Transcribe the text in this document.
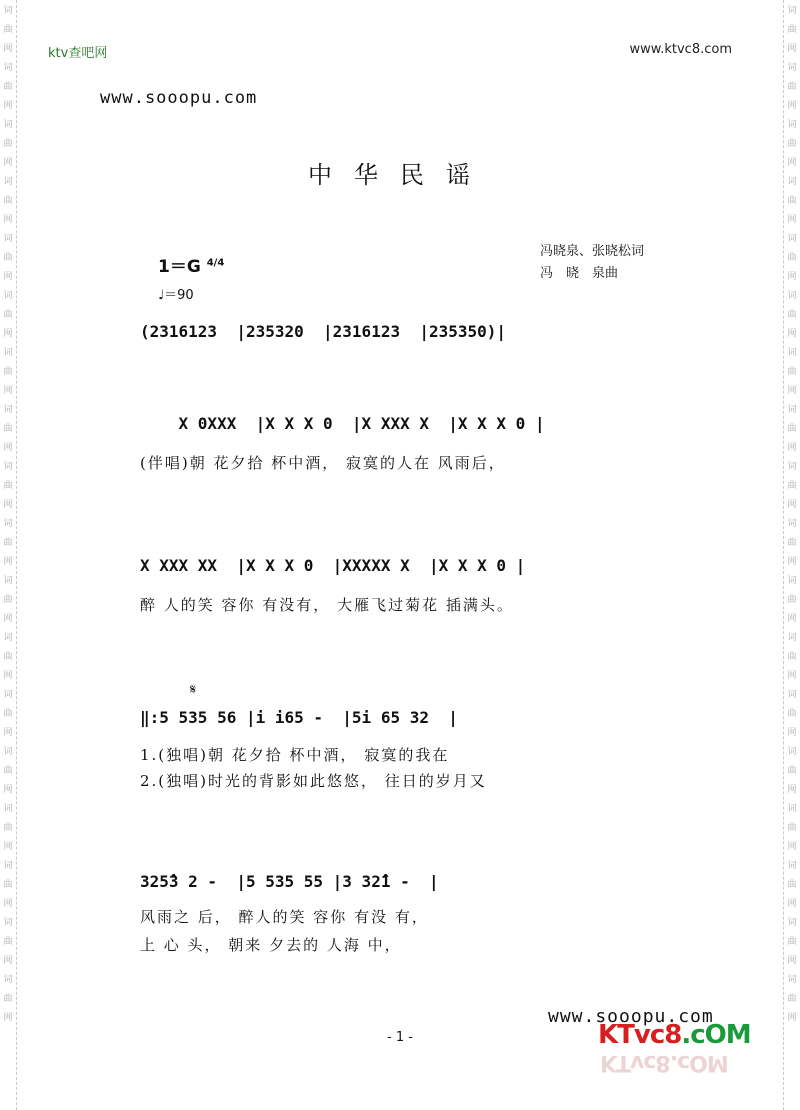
词
曲
网
词
曲
网
词
曲
网
词
曲
网
词
曲
网
词
曲
网
词
曲
网
词
曲
网
词
曲
网
词
曲
网
词
曲
网
词
曲
网
词
曲
网
词
曲
网
词
曲
网
词
曲
网
词
曲
网
词
曲
网
词
曲
网
词
曲
网
词
曲
网
词
曲
网
词
曲
网
词
曲
网
词
曲
网
词
曲
网
词
曲
网
词
曲
网
词
曲
网
词
曲
网
词
曲
网
词
曲
网
词
曲
网
词
曲
网
词
曲
网
词
曲
网
ktv查吧网	www.ktvc8.com
www.sooopu.com
中华民谣
1＝G $^{4/4}$
♩＝90
冯晓泉、张晓松词
冯　晓　泉曲
(2316123  |235320  |2316123  |235350)|
X 0XXX  |X X X 0  |X XXX X  |X X X 0 |
(伴唱)朝 花夕拾 杯中酒， 寂寞的人在 风雨后，
X XXX XX  |X X X 0  |XXXXX X  |X X X 0 |
醉 人的笑 容你 有没有， 大雁飞过菊花 插满头。
𝄋
‖:5 535 56 |i i65 -  |5i 65 32  |
1.(独唱)朝 花夕拾 杯中酒， 寂寞的我在
2.(独唱)时光的背影如此悠悠， 往日的岁月又
325̂3 2 -  |5 535 55 |3 32̂1 -  |
风雨之 后， 醉人的笑 容你 有没 有，
上 心 头， 朝来 夕去的 人海 中，
www.sooopu.com
- 1 -	KTvc8.cOM
KTvc8.cOM
